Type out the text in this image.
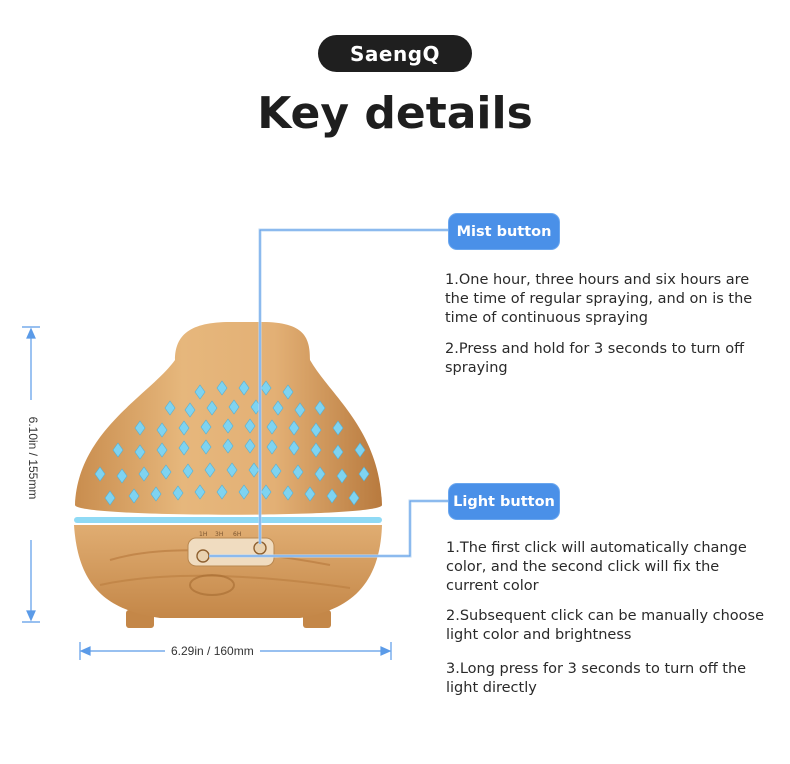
SaengQ
Key details
1H 3H 6H
Mist button
1.One hour, three hours and six hours are the time of regular spraying, and on is the time of continuous spraying
2.Press and hold for 3 seconds to turn off spraying
Light button
1.The first click will automatically change color, and the second click will fix the current color
2.Subsequent click can be manually choose light color and brightness
3.Long press for 3 seconds to turn off the light directly
6.29in / 160mm
6.10in / 155mm
